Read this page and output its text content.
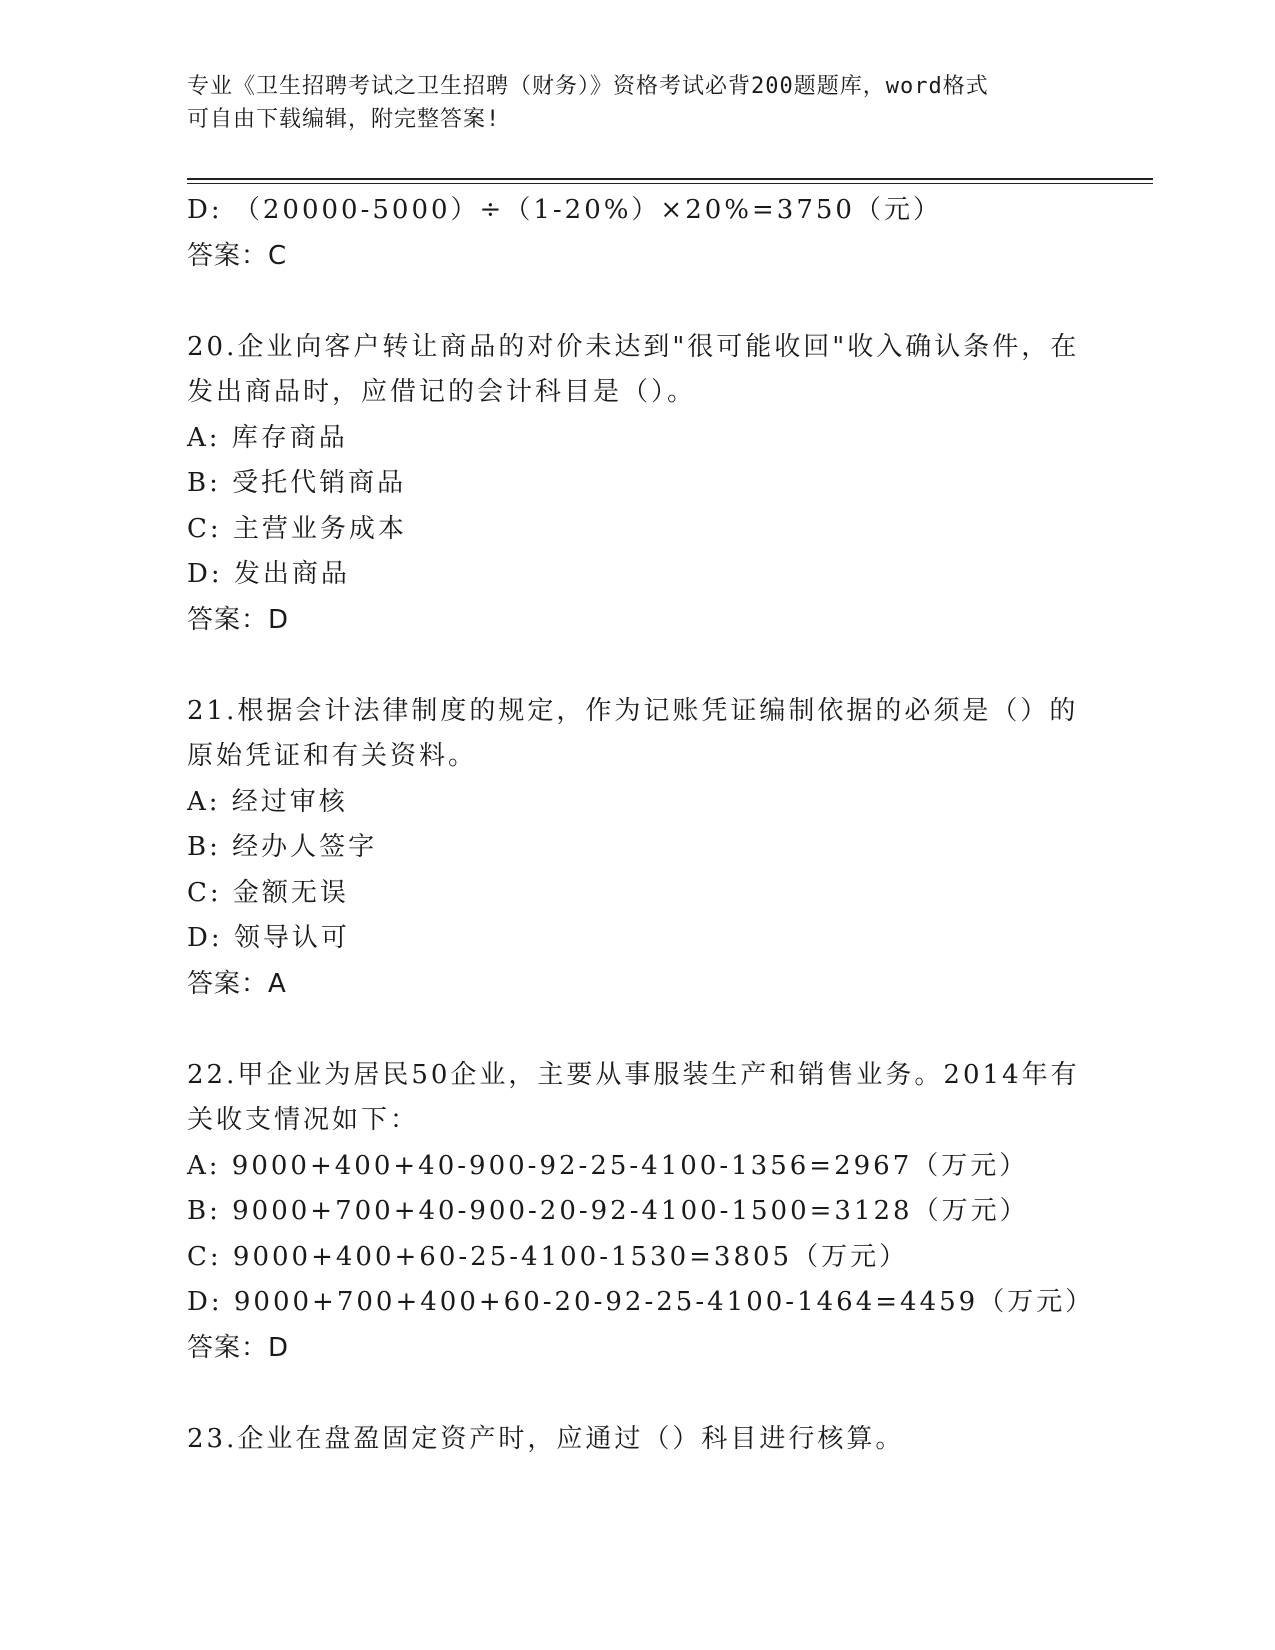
专业《卫生招聘考试之卫生招聘（财务）》资格考试必背200题题库，word格式
可自由下载编辑，附完整答案!
D: （20000-5000）÷（1-20%）×20%=3750（元）
答案：C
20.企业向客户转让商品的对价未达到"很可能收回"收入确认条件，在
发出商品时，应借记的会计科目是（）。
A: 库存商品
B: 受托代销商品
C: 主营业务成本
D: 发出商品
答案：D
21.根据会计法律制度的规定，作为记账凭证编制依据的必须是（）的
原始凭证和有关资料。
A: 经过审核
B: 经办人签字
C: 金额无误
D: 领导认可
答案：A
22.甲企业为居民50企业，主要从事服装生产和销售业务。2014年有
关收支情况如下：
A: 9000+400+40-900-92-25-4100-1356=2967（万元）
B: 9000+700+40-900-20-92-4100-1500=3128（万元）
C: 9000+400+60-25-4100-1530=3805（万元）
D: 9000+700+400+60-20-92-25-4100-1464=4459（万元）
答案：D
23.企业在盘盈固定资产时，应通过（）科目进行核算。
